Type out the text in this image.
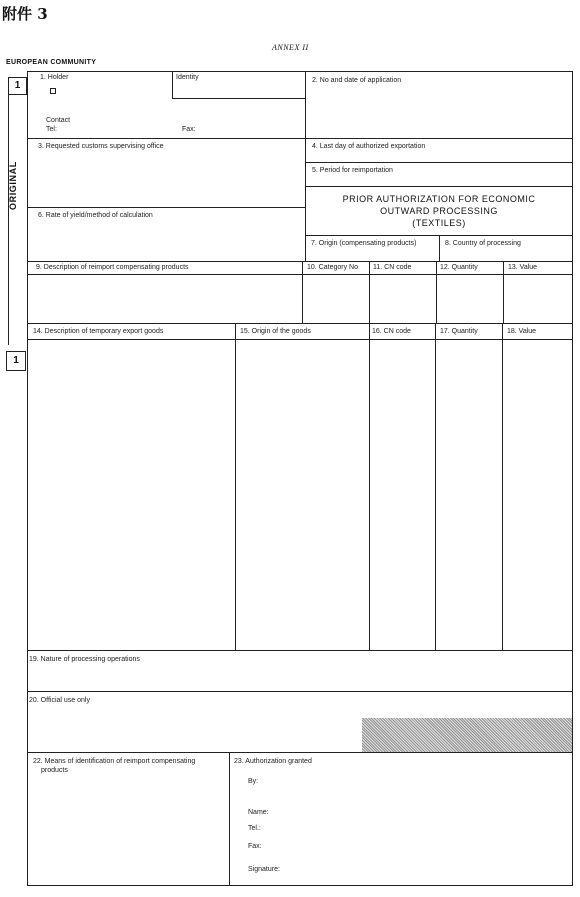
附件 3
ANNEX II
EUROPEAN COMMUNITY
1
ORIGINAL
1
1. Holder	Identity
Contact
Tel:	Fax:
2. No and date of application
3. Requested customs supervising office	4. Last day of authorized exportation
5. Period for reimportation
PRIOR AUTHORIZATION FOR ECONOMIC
OUTWARD PROCESSING
(TEXTILES)
6. Rate of yield/method of calculation
7. Origin (compensating products)	8. Country of processing
9. Description of reimport compensating products	10. Category No 11. CN code	12. Quantity	13. Value
14. Description of temporary export goods	15. Origin of the goods	16. CN code	17. Quantity	18. Value
19. Nature of processing operations
20. Official use only
22. Means of identification of reimport compensating
products
23. Authorization granted
By:
Name:
Tel.:
Fax:
Signature:
